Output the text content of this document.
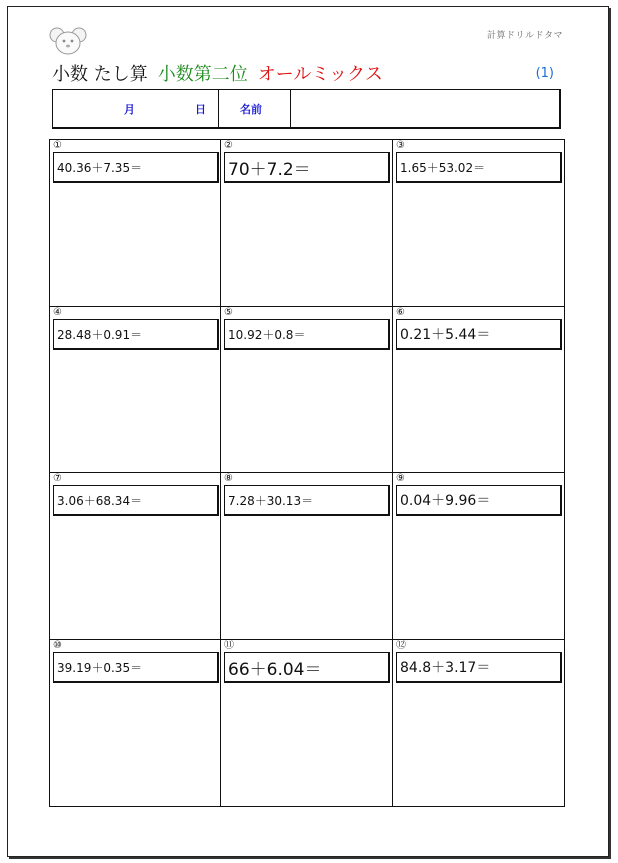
計算ドリルドタマ
小数 たし算 小数第二位 オールミックス	(1)
月	日	名前
①
40.36＋7.35＝
②
70＋7.2＝
③
1.65＋53.02＝
④
28.48＋0.91＝
⑤
10.92＋0.8＝
⑥
0.21＋5.44＝
⑦
3.06＋68.34＝
⑧
7.28＋30.13＝
⑨
0.04＋9.96＝
⑩
39.19＋0.35＝
⑪
66＋6.04＝
⑫
84.8＋3.17＝
